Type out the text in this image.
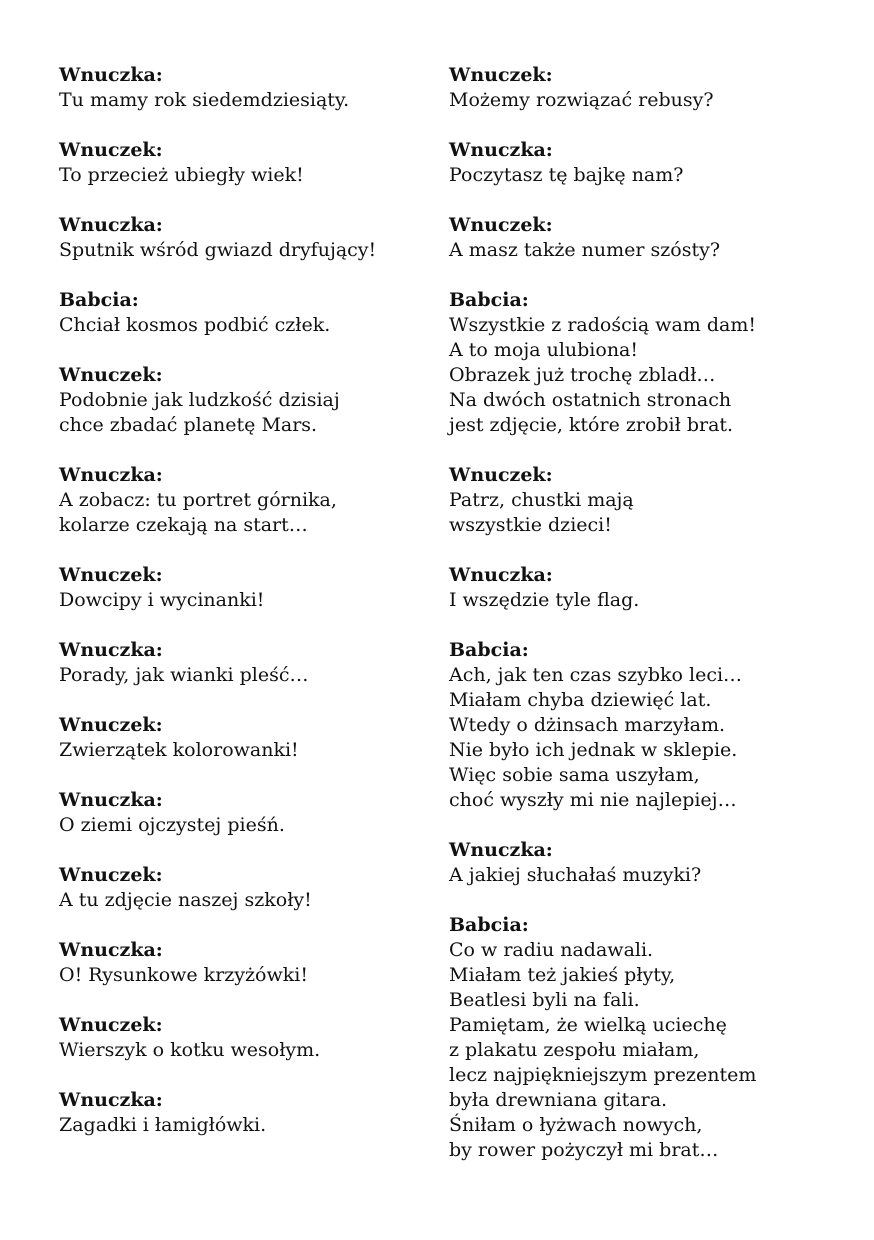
Wnuczka:
Tu mamy rok siedemdziesiąty.
Wnuczek:
To przecież ubiegły wiek!
Wnuczka:
Sputnik wśród gwiazd dryfujący!
Babcia:
Chciał kosmos podbić człek.
Wnuczek:
Podobnie jak ludzkość dzisiaj
chce zbadać planetę Mars.
Wnuczka:
A zobacz: tu portret górnika,
kolarze czekają na start…
Wnuczek:
Dowcipy i wycinanki!
Wnuczka:
Porady, jak wianki pleść…
Wnuczek:
Zwierzątek kolorowanki!
Wnuczka:
O ziemi ojczystej pieśń.
Wnuczek:
A tu zdjęcie naszej szkoły!
Wnuczka:
O! Rysunkowe krzyżówki!
Wnuczek:
Wierszyk o kotku wesołym.
Wnuczka:
Zagadki i łamigłówki.
Wnuczek:
Możemy rozwiązać rebusy?
Wnuczka:
Poczytasz tę bajkę nam?
Wnuczek:
A masz także numer szósty?
Babcia:
Wszystkie z radością wam dam!
A to moja ulubiona!
Obrazek już trochę zbladł…
Na dwóch ostatnich stronach
jest zdjęcie, które zrobił brat.
Wnuczek:
Patrz, chustki mają
wszystkie dzieci!
Wnuczka:
I wszędzie tyle flag.
Babcia:
Ach, jak ten czas szybko leci…
Miałam chyba dziewięć lat.
Wtedy o dżinsach marzyłam.
Nie było ich jednak w sklepie.
Więc sobie sama uszyłam,
choć wyszły mi nie najlepiej…
Wnuczka:
A jakiej słuchałaś muzyki?
Babcia:
Co w radiu nadawali.
Miałam też jakieś płyty,
Beatlesi byli na fali.
Pamiętam, że wielką uciechę
z plakatu zespołu miałam,
lecz najpiękniejszym prezentem
była drewniana gitara.
Śniłam o łyżwach nowych,
by rower pożyczył mi brat…
